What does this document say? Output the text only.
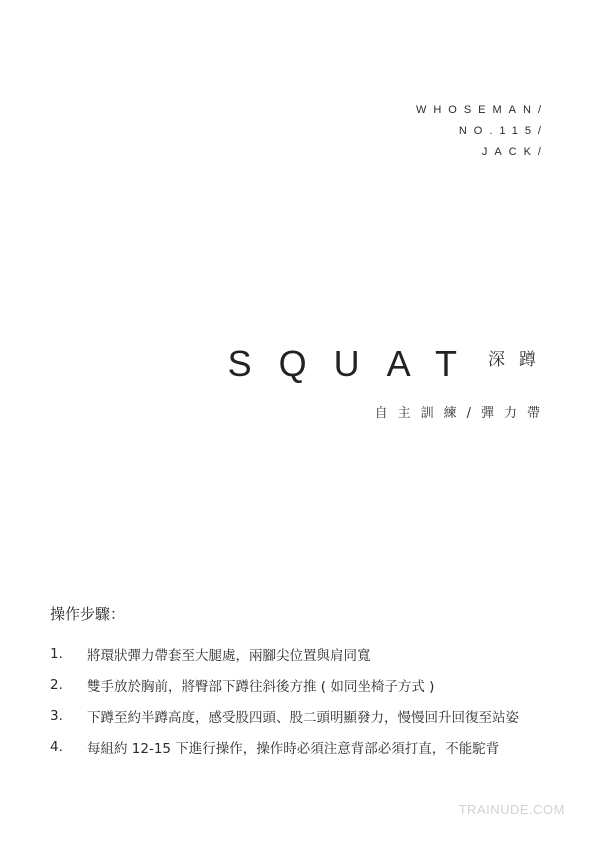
WHOSEMAN/
NO.115/
JACK/
SQUAT 深蹲
自主訓練/彈力帶
操作步驟：
1.	將環狀彈力帶套至大腿處，兩腳尖位置與肩同寬
2.	雙手放於胸前，將臀部下蹲往斜後方推 ( 如同坐椅子方式 )
3.	下蹲至約半蹲高度，感受股四頭、股二頭明顯發力，慢慢回升回復至站姿
4.	每組約 12-15 下進行操作，操作時必須注意背部必須打直，不能駝背
TRAINUDE.COM
